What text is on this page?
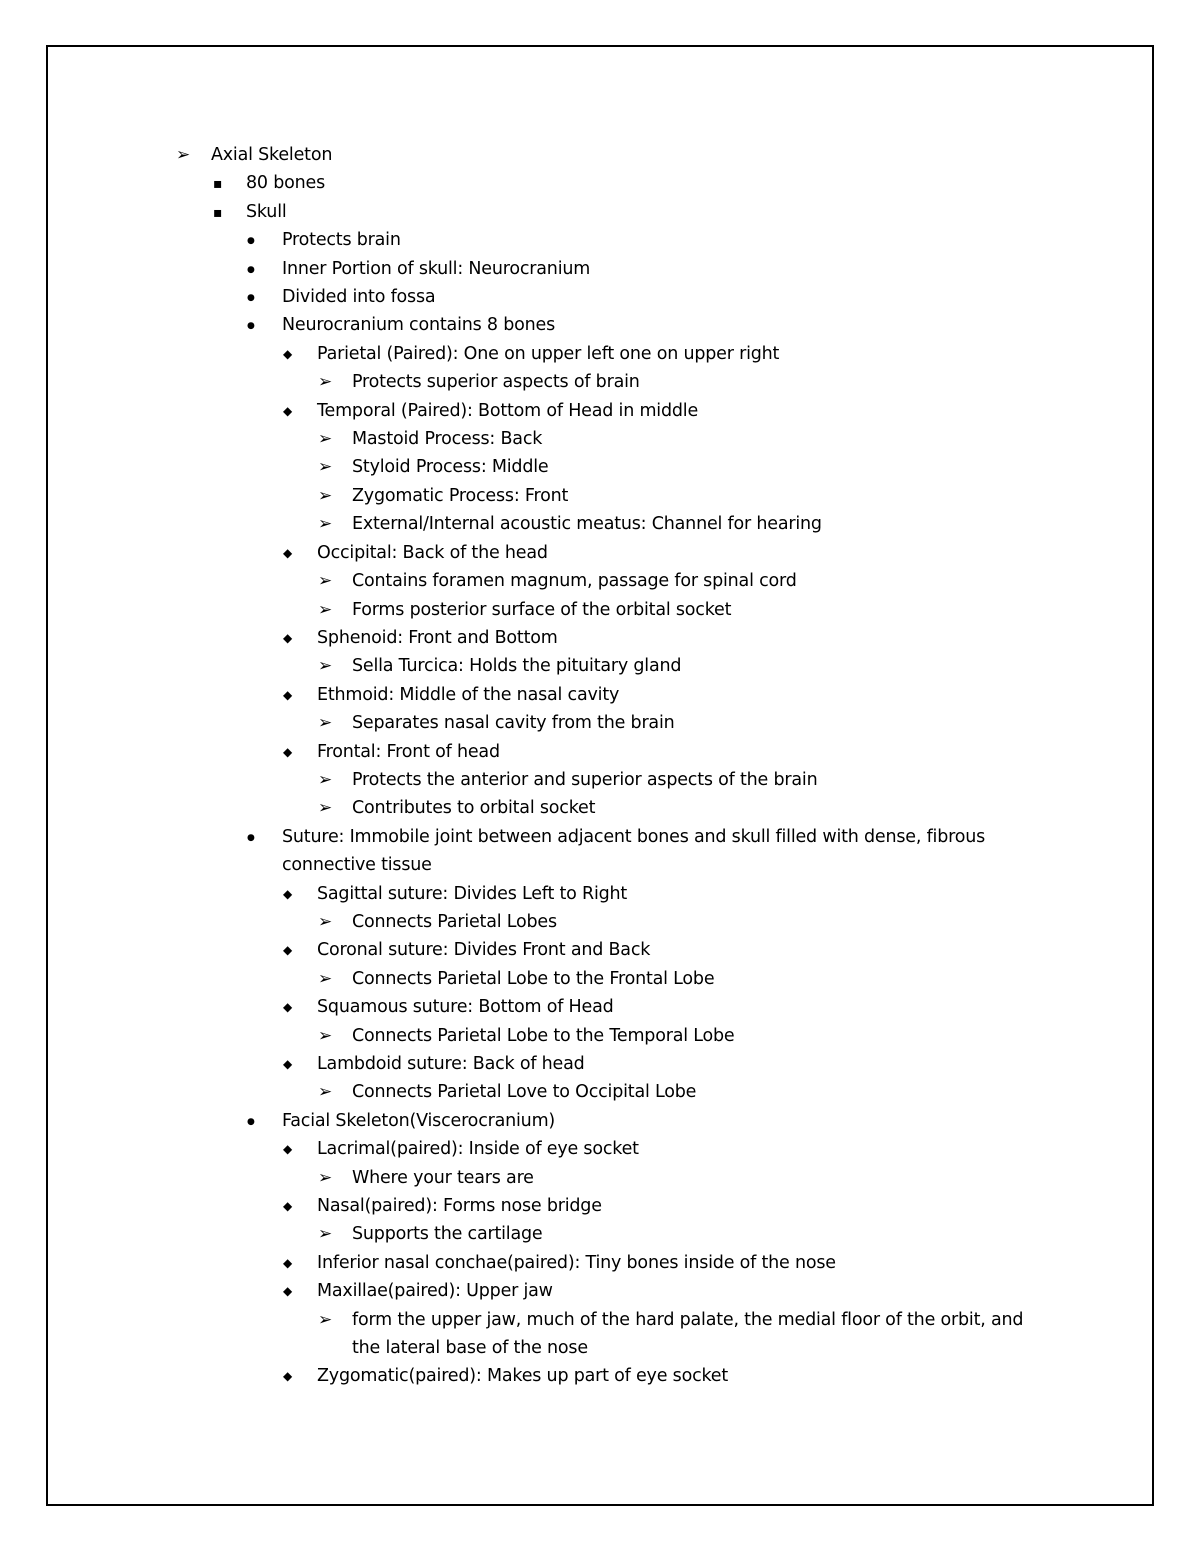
➢
Axial Skeleton
▪
80 bones
▪
Skull
●
Protects brain
●
Inner Portion of skull: Neurocranium
●
Divided into fossa
●
Neurocranium contains 8 bones
◆
Parietal (Paired): One on upper left one on upper right
➢
Protects superior aspects of brain
◆
Temporal (Paired): Bottom of Head in middle
➢
Mastoid Process: Back
➢
Styloid Process: Middle
➢
Zygomatic Process: Front
➢
External/Internal acoustic meatus: Channel for hearing
◆
Occipital: Back of the head
➢
Contains foramen magnum, passage for spinal cord
➢
Forms posterior surface of the orbital socket
◆
Sphenoid: Front and Bottom
➢
Sella Turcica: Holds the pituitary gland
◆
Ethmoid: Middle of the nasal cavity
➢
Separates nasal cavity from the brain
◆
Frontal: Front of head
➢
Protects the anterior and superior aspects of the brain
➢
Contributes to orbital socket
●
Suture: Immobile joint between adjacent bones and skull filled with dense, fibrous connective tissue
◆
Sagittal suture: Divides Left to Right
➢
Connects Parietal Lobes
◆
Coronal suture: Divides Front and Back
➢
Connects Parietal Lobe to the Frontal Lobe
◆
Squamous suture: Bottom of Head
➢
Connects Parietal Lobe to the Temporal Lobe
◆
Lambdoid suture: Back of head
➢
Connects Parietal Love to Occipital Lobe
●
Facial Skeleton(Viscerocranium)
◆
Lacrimal(paired): Inside of eye socket
➢
Where your tears are
◆
Nasal(paired): Forms nose bridge
➢
Supports the cartilage
◆
Inferior nasal conchae(paired): Tiny bones inside of the nose
◆
Maxillae(paired): Upper jaw
➢
form the upper jaw, much of the hard palate, the medial floor of the orbit, and the lateral base of the nose
◆
Zygomatic(paired): Makes up part of eye socket
